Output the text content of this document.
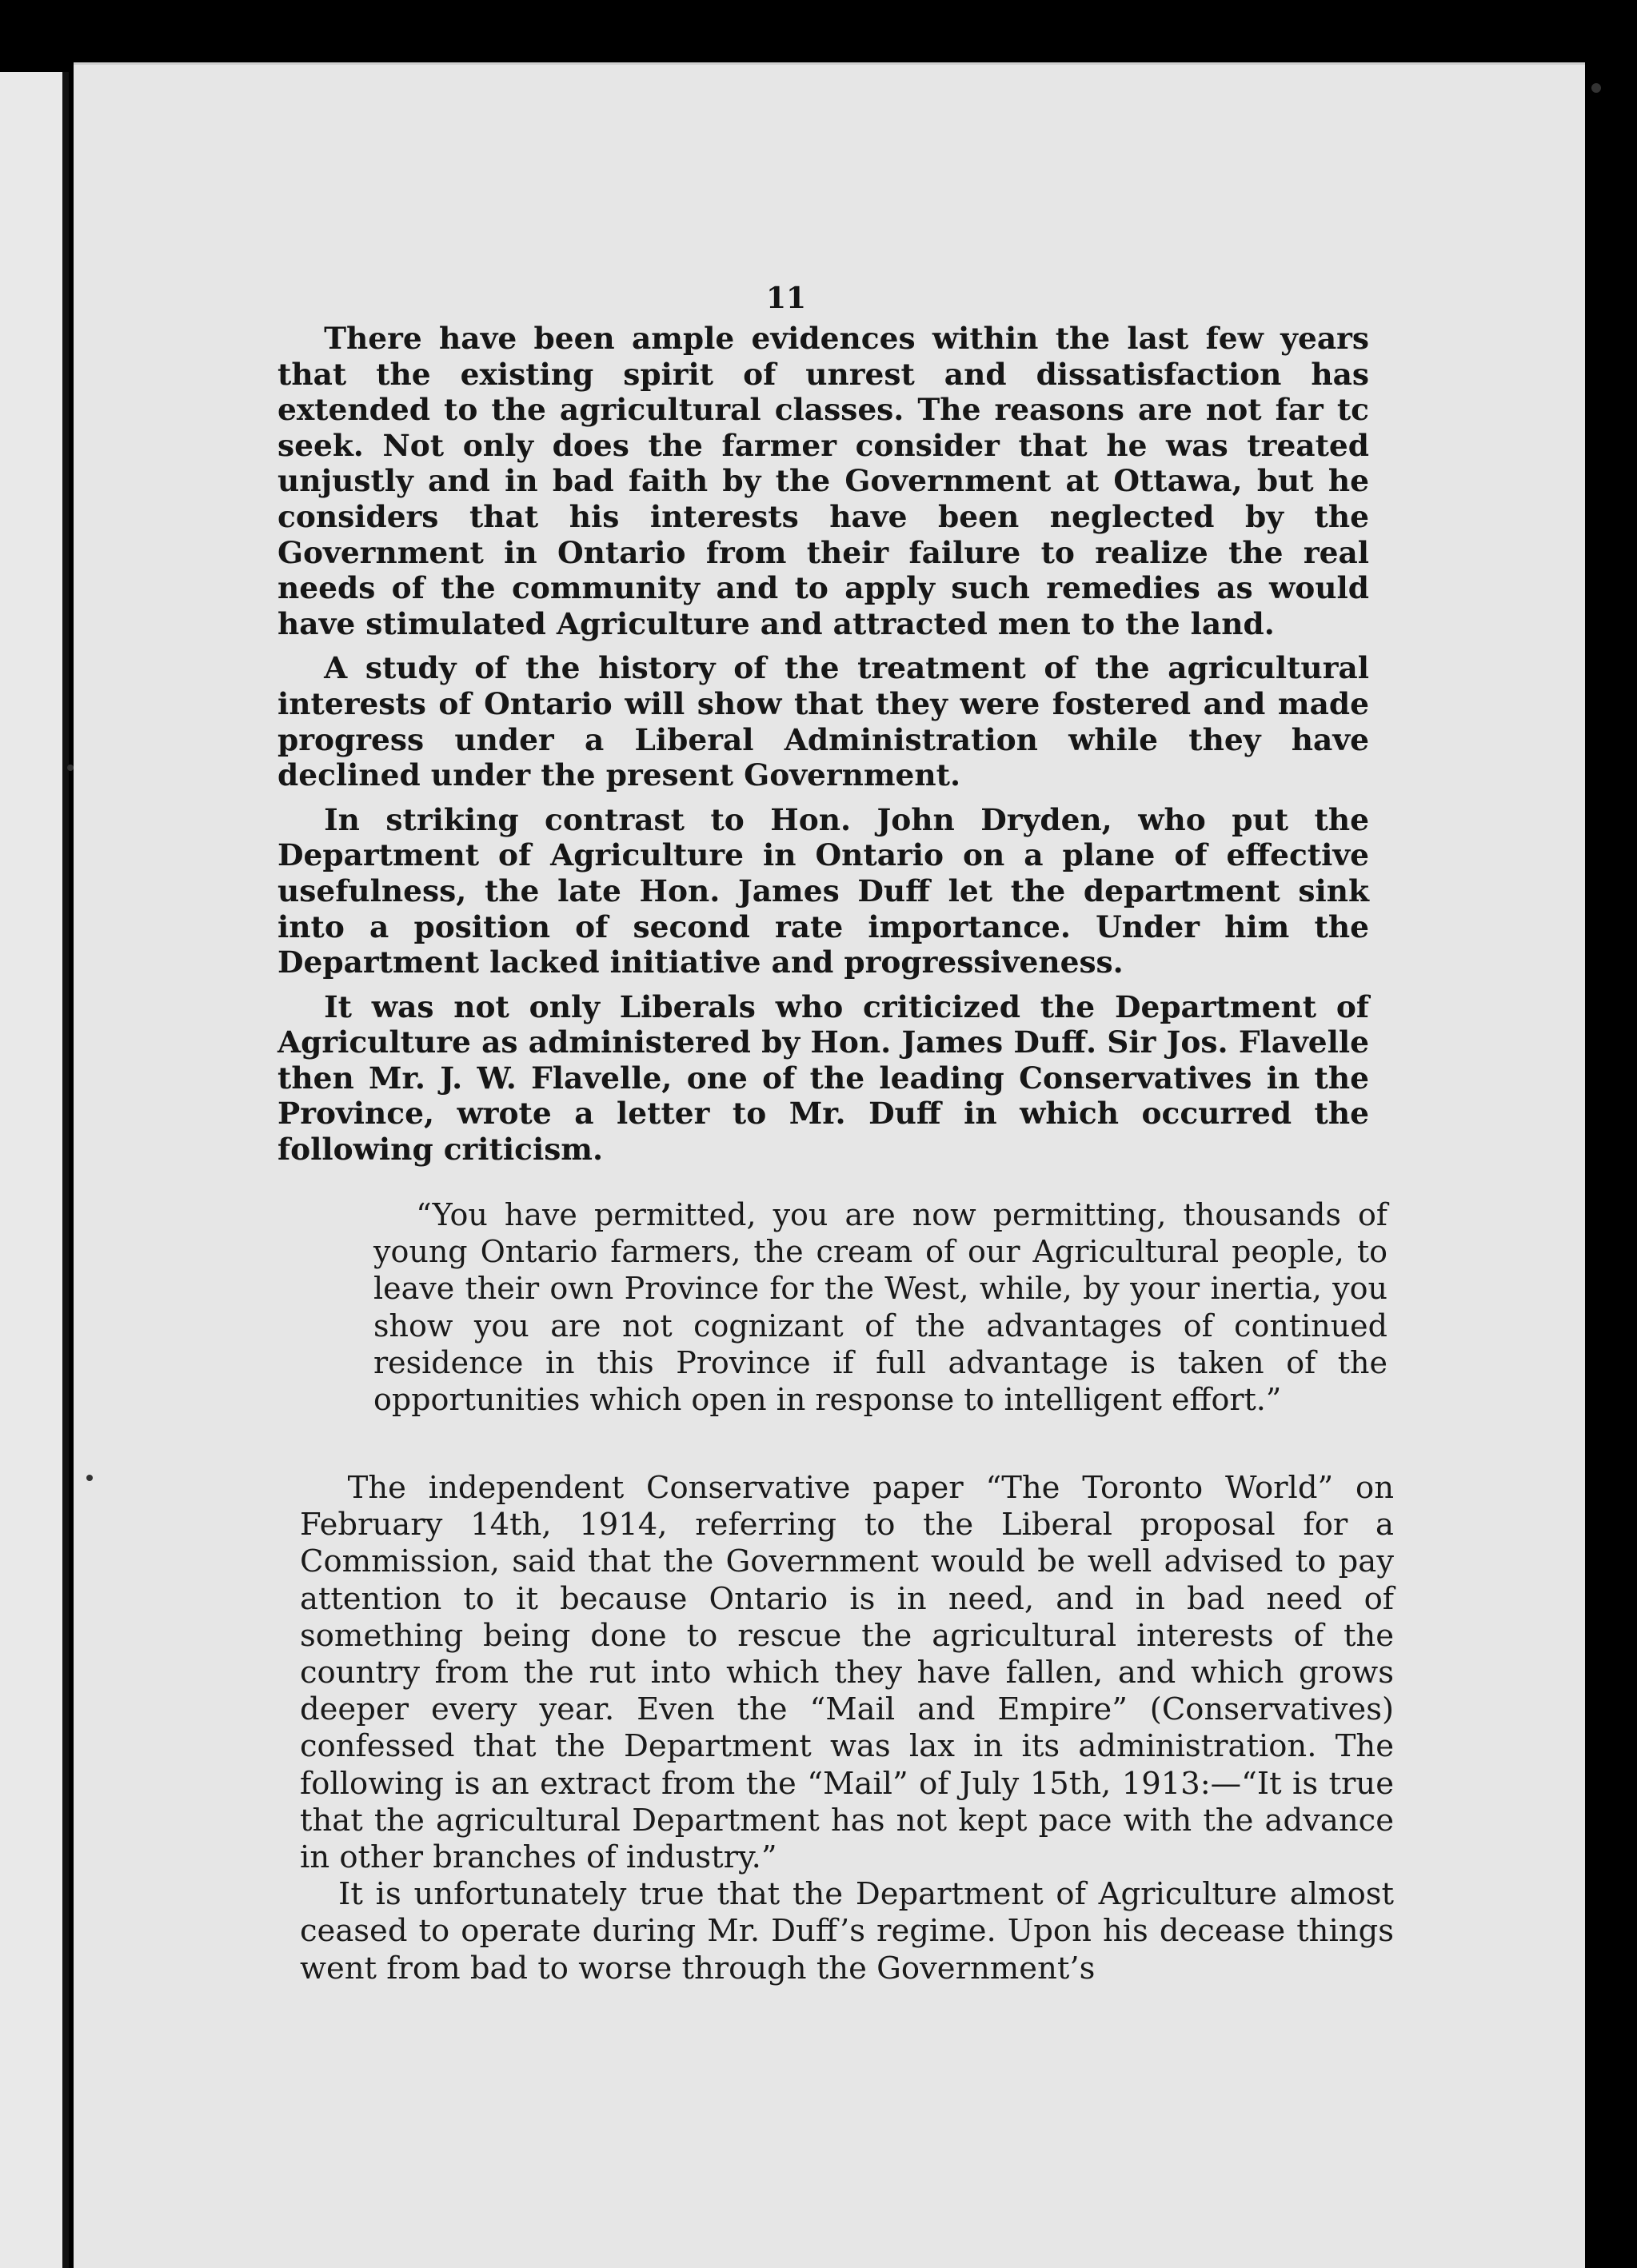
11

There have been ample evidences within the last few years that the existing spirit of unrest and dissatisfaction has extended to the agricultural classes. The reasons are not far tc seek. Not only does the farmer consider that he was treated unjustly and in bad faith by the Government at Ottawa, but he considers that his interests have been neglected by the Government in Ontario from their failure to realize the real needs of the community and to apply such remedies as would have stimulated Agriculture and attracted men to the land.

A study of the history of the treatment of the agricultural interests of Ontario will show that they were fostered and made progress under a Liberal Administration while they have declined under the present Government.

In striking contrast to Hon. John Dryden, who put the Department of Agriculture in Ontario on a plane of effective usefulness, the late Hon. James Duff let the department sink into a position of second rate importance. Under him the Department lacked initiative and progressiveness.

It was not only Liberals who criticized the Department of Agriculture as administered by Hon. James Duff. Sir Jos. Flavelle then Mr. J. W. Flavelle, one of the leading Conservatives in the Province, wrote a letter to Mr. Duff in which occurred the following criticism.

“You have permitted, you are now permitting, thousands of young Ontario farmers, the cream of our Agricultural people, to leave their own Province for the West, while, by your inertia, you show you are not cognizant of the advantages of continued residence in this Province if full advantage is taken of the opportunities which open in response to intelligent effort.”

The independent Conservative paper “The Toronto World” on February 14th, 1914, referring to the Liberal proposal for a Commission, said that the Government would be well advised to pay attention to it because Ontario is in need, and in bad need of something being done to rescue the agricultural interests of the country from the rut into which they have fallen, and which grows deeper every year. Even the “Mail and Empire” (Conservatives) confessed that the Department was lax in its administration. The following is an extract from the “Mail” of July 15th, 1913:—“It is true that the agricultural Department has not kept pace with the advance in other branches of industry.”

It is unfortunately true that the Department of Agriculture almost ceased to operate during Mr. Duff’s regime. Upon his decease things went from bad to worse through the Government’s
